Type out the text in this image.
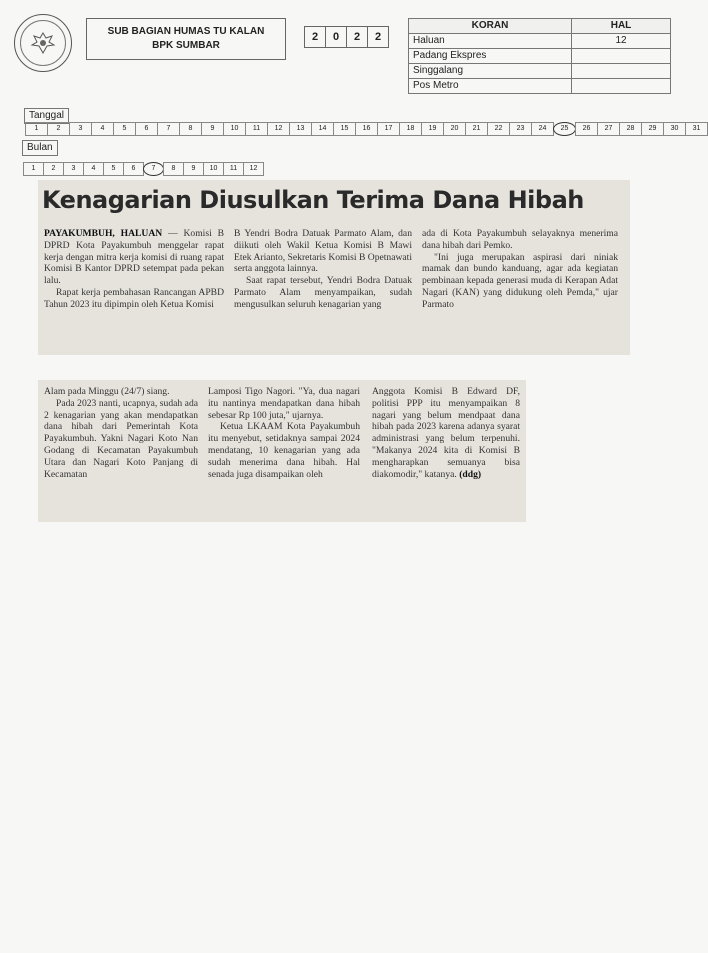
SUB BAGIAN HUMAS TU KALAN
BPK SUMBAR
2	0	2	2
KORAN	HAL
Haluan	12
Padang Ekspres	
Singgalang	
Pos Metro	
Tanggal
1	2	3	4	5	6	7	8	9	10	11	12	13	14	15	16	17	18	19	20	21	22	23	24	25	26	27	28	29	30	31
Bulan
1	2	3	4	5	6	7	8	9	10	11	12
Kenagarian Diusulkan Terima Dana Hibah

PAYAKUMBUH, HALUAN — Komisi B DPRD Kota Payakumbuh menggelar rapat kerja dengan mitra kerja komisi di ruang rapat Komisi B Kantor DPRD setempat pada pekan lalu.

Rapat kerja pembahasan Rancangan APBD Tahun 2023 itu dipimpin oleh Ketua Komisi

B Yendri Bodra Datuak Parmato Alam, dan diikuti oleh Wakil Ketua Komisi B Mawi Etek Arianto, Sekretaris Komisi B Opetnawati serta anggota lainnya.

Saat rapat tersebut, Yendri Bodra Datuak Parmato Alam menyampaikan, sudah mengusulkan seluruh kenagarian yang

ada di Kota Payakumbuh selayaknya menerima dana hibah dari Pemko.

"Ini juga merupakan aspirasi dari niniak mamak dan bundo kanduang, agar ada kegiatan pembinaan kepada generasi muda di Kerapan Adat Nagari (KAN) yang didukung oleh Pemda," ujar Parmato

Alam pada Minggu (24/7) siang.

Pada 2023 nanti, ucapnya, sudah ada 2 kenagarian yang akan mendapatkan dana hibah dari Pemerintah Kota Payakumbuh. Yakni Nagari Koto Nan Godang di Kecamatan Payakumbuh Utara dan Nagari Koto Panjang di Kecamatan

Lamposi Tigo Nagori. "Ya, dua nagari itu nantinya mendapatkan dana hibah sebesar Rp 100 juta," ujarnya.

Ketua LKAAM Kota Payakumbuh itu menyebut, setidaknya sampai 2024 mendatang, 10 kenagarian yang ada sudah menerima dana hibah. Hal senada juga disampaikan oleh

Anggota Komisi B Edward DF, politisi PPP itu menyampaikan 8 nagari yang belum mendpaat dana hibah pada 2023 karena adanya syarat administrasi yang belum terpenuhi. "Makanya 2024 kita di Komisi B mengharapkan semuanya bisa diakomodir," katanya. (ddg)
